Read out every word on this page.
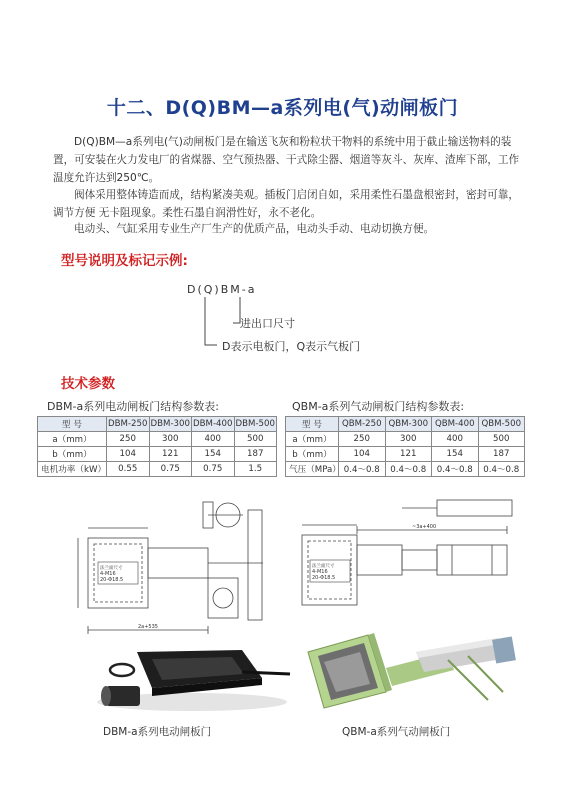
十二、D(Q)BM—a系列电(气)动闸板门
D(Q)BM—a系列电(气)动闸板门是在输送飞灰和粉粒状干物料的系统中用于截止输送物料的装置，可安装在火力发电厂的省煤器、空气预热器、干式除尘器、烟道等灰斗、灰库、渣库下部，工作温度允许达到250℃。
阀体采用整体铸造而成，结构紧凑美观。插板门启闭自如，采用柔性石墨盘根密封，密封可靠，调节方便 无卡阻现象。柔性石墨自润滑性好，永不老化。
电动头、气缸采用专业生产厂生产的优质产品，电动头手动、电动切换方便。
型号说明及标记示例:
D(Q)BM-a
进出口尺寸
D表示电板门，Q表示气板门
技术参数
DBM-a系列电动闸板门结构参数表:
型 号	DBM-250	DBM-300	DBM-400	DBM-500
a（mm）	250	300	400	500
b（mm）	104	121	154	187
电机功率（kW）	0.55	0.75	0.75	1.5
QBM-a系列气动闸板门结构参数表:
型 号	QBM-250	QBM-300	QBM-400	QBM-500
a（mm）	250	300	400	500
b（mm）	104	121	154	187
气压（MPa）	0.4～0.8	0.4～0.8	0.4～0.8	0.4～0.8
法兰面尺寸
4-M16
20-Φ18.5
2a+535
法兰面尺寸
4-M16
20-Φ18.5
~3a+400
DBM-a系列电动闸板门	QBM-a系列气动闸板门
